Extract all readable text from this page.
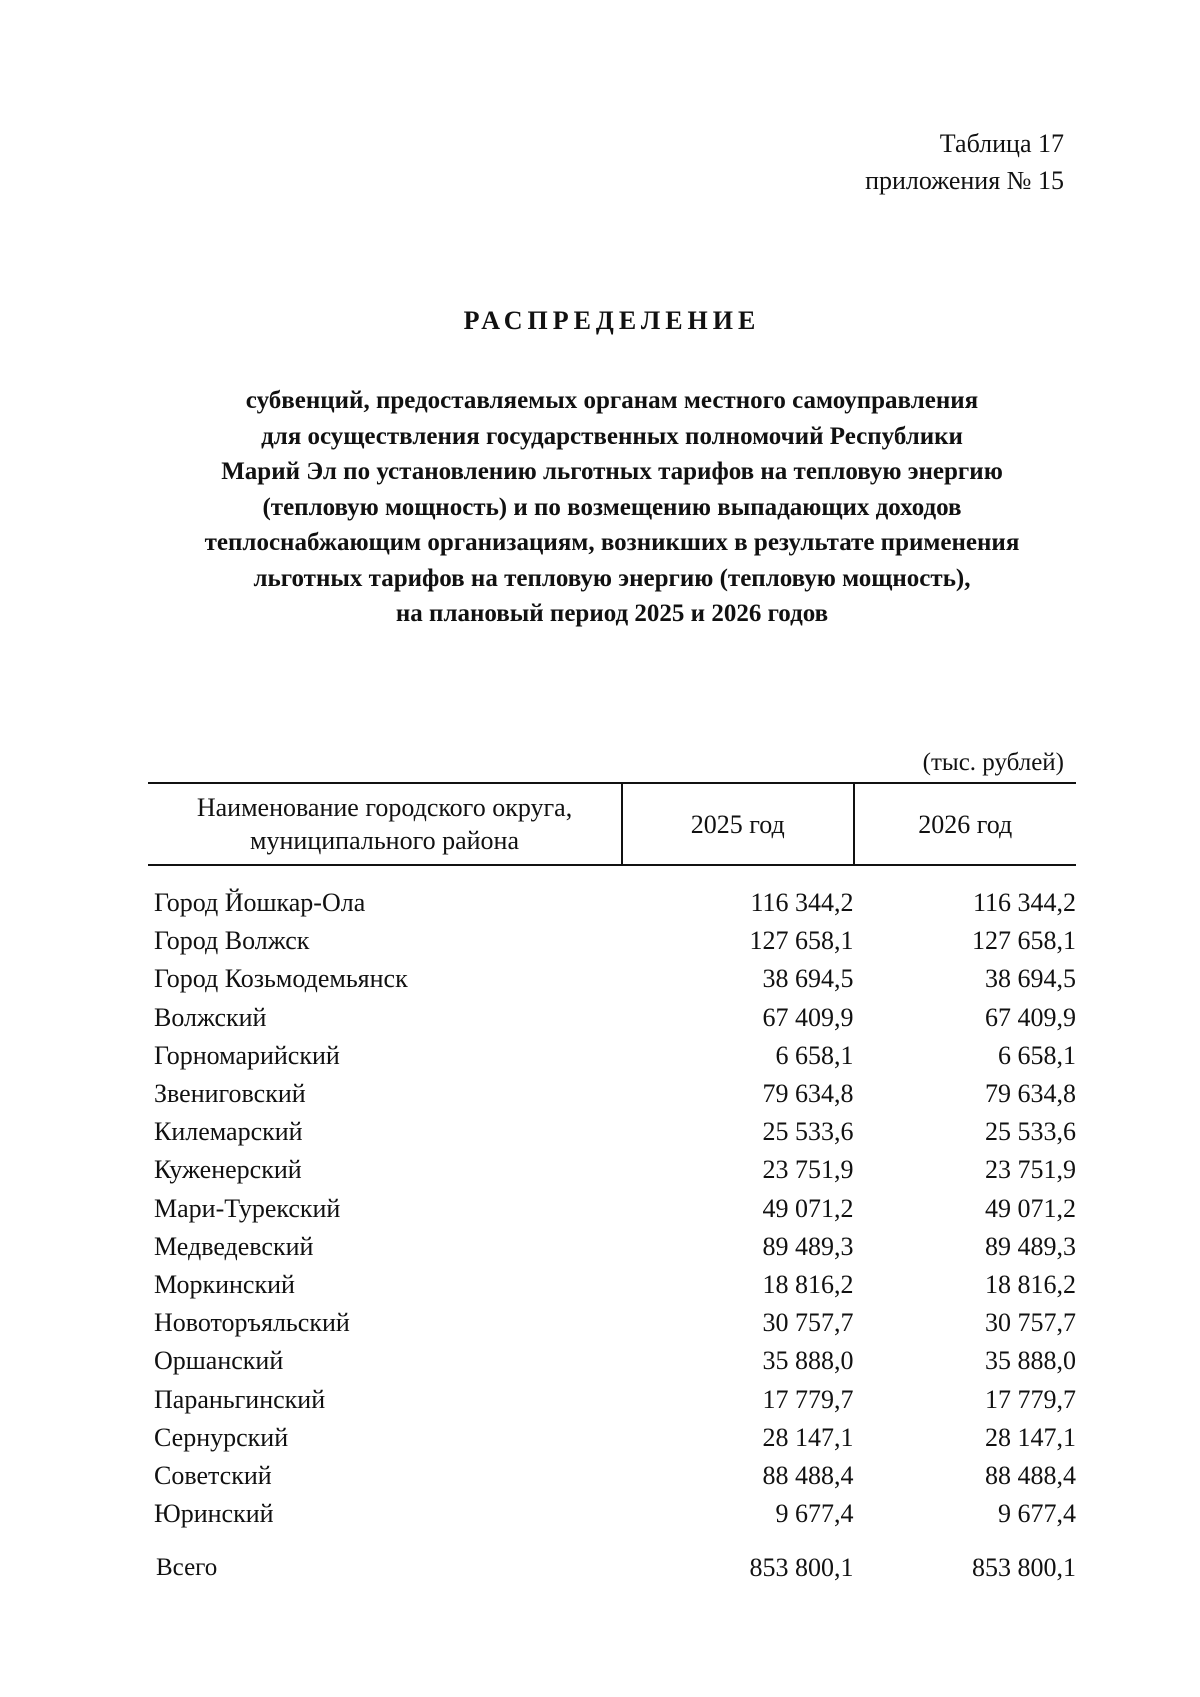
Таблица 17
приложения № 15
РАСПРЕДЕЛЕНИЕ
субвенций, предоставляемых органам местного самоуправления
для осуществления государственных полномочий Республики
Марий Эл по установлению льготных тарифов на тепловую энергию
(тепловую мощность) и по возмещению выпадающих доходов
теплоснабжающим организациям, возникших в результате применения
льготных тарифов на тепловую энергию (тепловую мощность),
на плановый период 2025 и 2026 годов
(тыс. рублей)
Наименование городского округа,
муниципального района	2025 год	2026 год
Город Йошкар-Ола	116 344,2	116 344,2
Город Волжск	127 658,1	127 658,1
Город Козьмодемьянск	38 694,5	38 694,5
Волжский	67 409,9	67 409,9
Горномарийский	6 658,1	6 658,1
Звениговский	79 634,8	79 634,8
Килемарский	25 533,6	25 533,6
Куженерский	23 751,9	23 751,9
Мари-Турекский	49 071,2	49 071,2
Медведевский	89 489,3	89 489,3
Моркинский	18 816,2	18 816,2
Новоторъяльский	30 757,7	30 757,7
Оршанский	35 888,0	35 888,0
Параньгинский	17 779,7	17 779,7
Сернурский	28 147,1	28 147,1
Советский	88 488,4	88 488,4
Юринский	9 677,4	9 677,4
Всего	853 800,1	853 800,1
